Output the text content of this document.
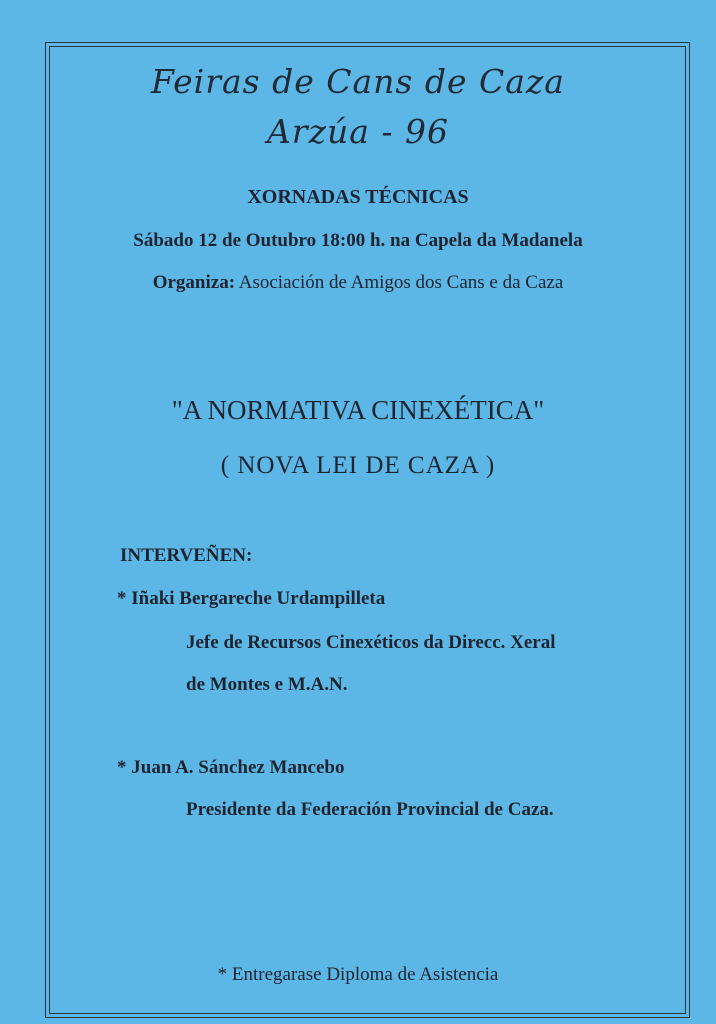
Feiras de Cans de Caza
Arzúa - 96
XORNADAS TÉCNICAS
Sábado 12 de Outubro 18:00 h. na Capela da Madanela
Organiza: Asociación de Amigos dos Cans e da Caza
"A NORMATIVA CINEXÉTICA"
( NOVA LEI DE CAZA )
INTERVEÑEN:
* Iñaki Bergareche Urdampilleta
Jefe de Recursos Cinexéticos da Direcc. Xeral
de Montes e M.A.N.
* Juan A. Sánchez Mancebo
Presidente da Federación Provincial de Caza.
* Entregarase Diploma de Asistencia
